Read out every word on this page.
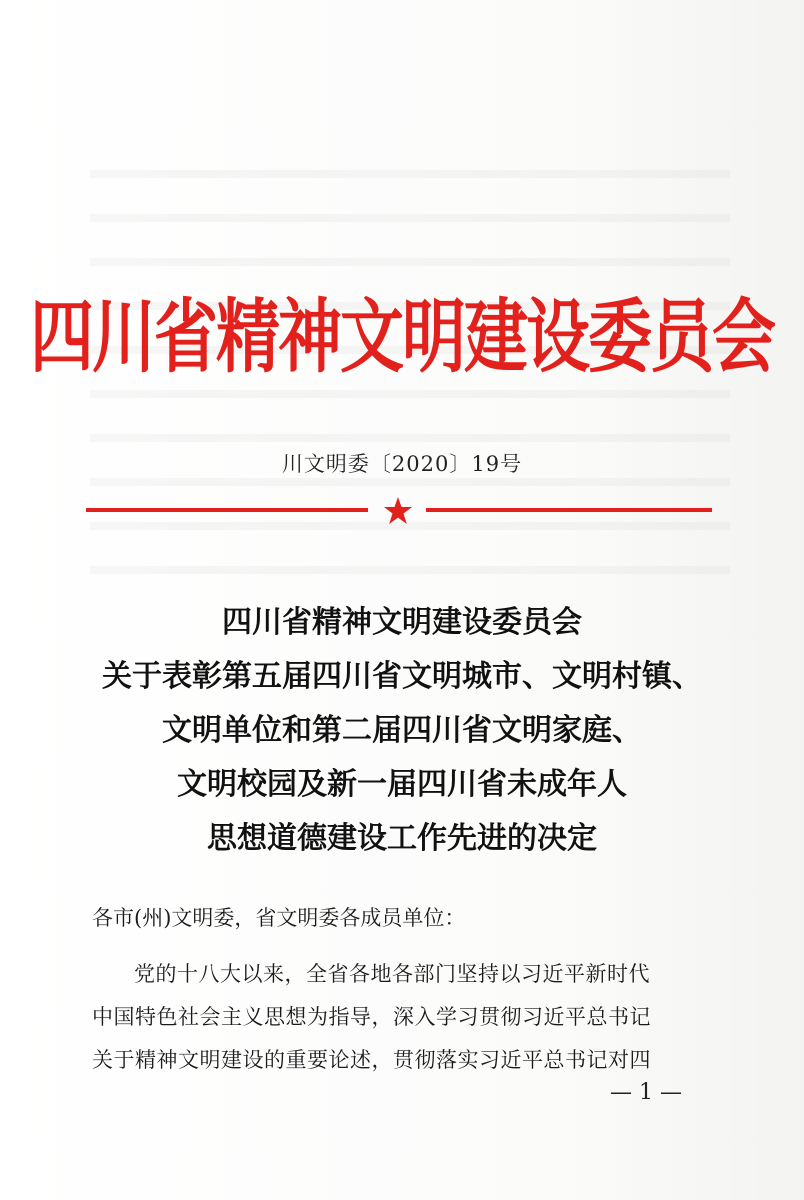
四川省精神文明建设委员会
川文明委〔2020〕19号
四川省精神文明建设委员会
关于表彰第五届四川省文明城市、文明村镇、
文明单位和第二届四川省文明家庭、
文明校园及新一届四川省未成年人
思想道德建设工作先进的决定
各市(州)文明委，省文明委各成员单位：
党的十八大以来，全省各地各部门坚持以习近平新时代
中国特色社会主义思想为指导，深入学习贯彻习近平总书记
关于精神文明建设的重要论述，贯彻落实习近平总书记对四
— 1 —
